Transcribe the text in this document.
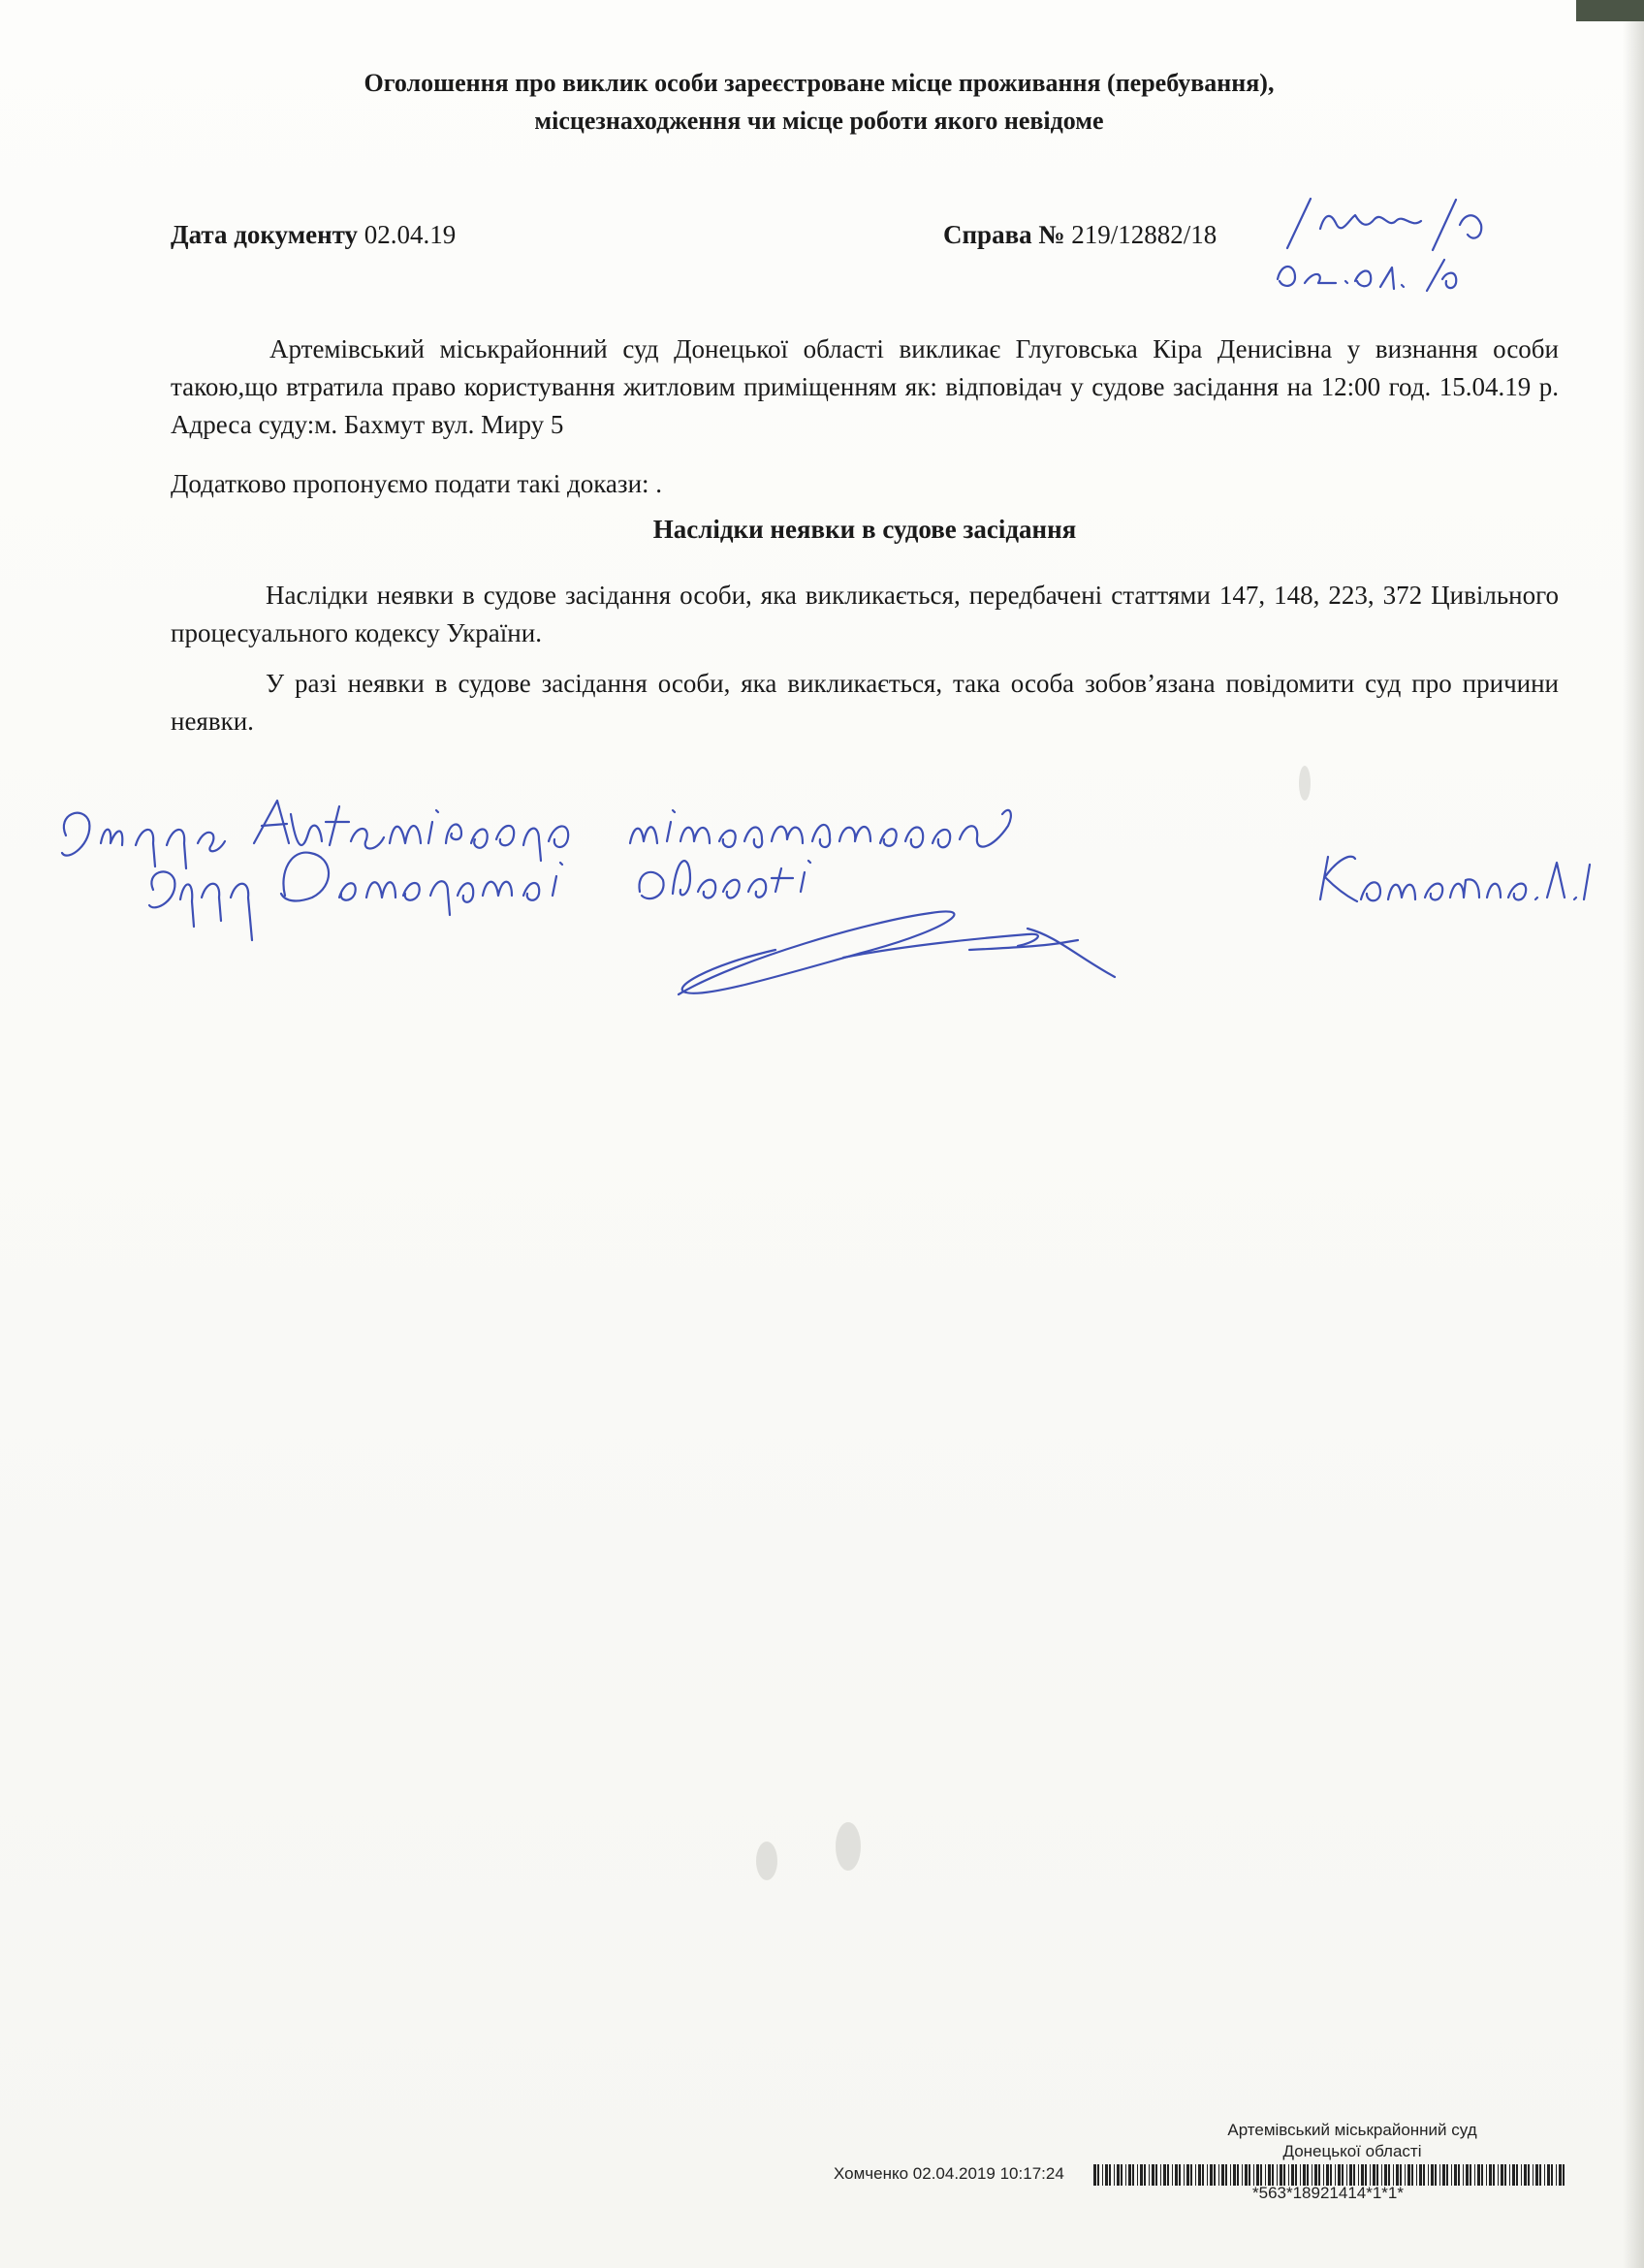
Оголошення про виклик особи зареєстроване місце проживання (перебування),
місцезнаходження чи місце роботи якого невідоме
Дата документу 02.04.19	Справа № 219/12882/18
Артемівський міськрайонний суд Донецької області викликає Глуговська Кіра Денисівна у визнання особи такою,що втратила право користування житловим приміщенням як: відповідач у судове засідання на 12:00 год. 15.04.19 р. Адреса суду:м. Бахмут вул. Миру 5
Додатково пропонуємо подати такі докази: .
Наслідки неявки в судове засідання
Наслідки неявки в судове засідання особи, яка викликається, передбачені статтями 147, 148, 223, 372 Цивільного процесуального кодексу України.
У разі неявки в судове засідання особи, яка викликається, така особа зобов’язана повідомити суд про причини неявки.
Артемівський міськрайонний суд
Донецької області
Хомченко 02.04.2019 10:17:24
*563*18921414*1*1*
